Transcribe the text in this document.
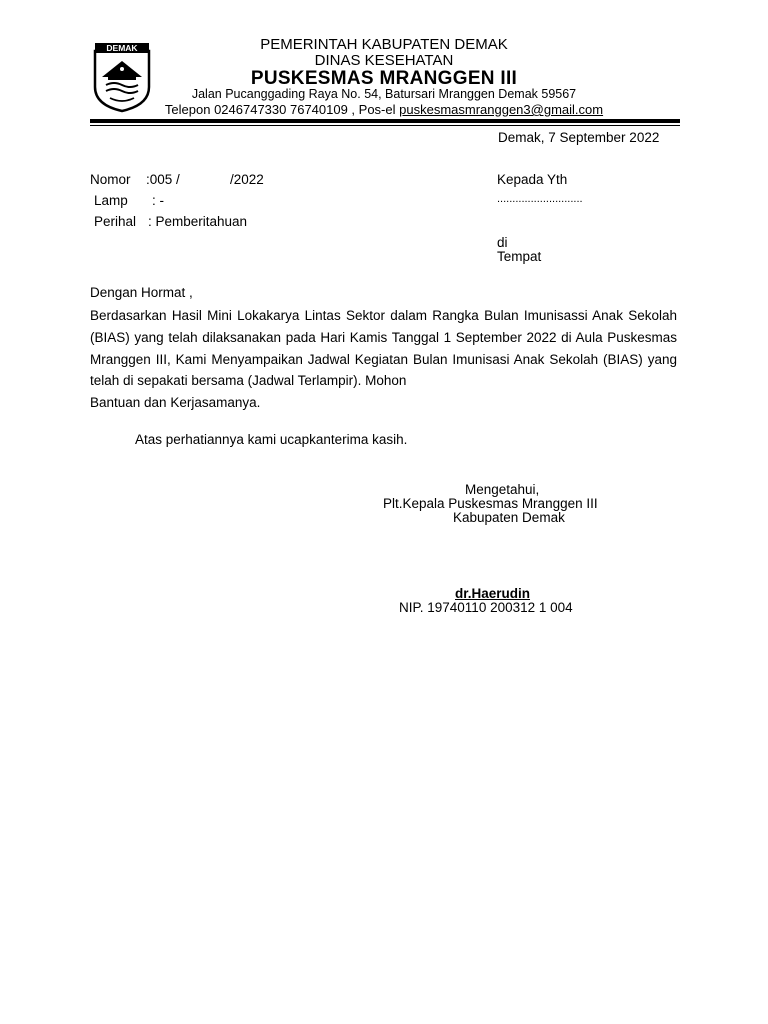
DEMAK	PEMERINTAH KABUPATEN DEMAK
DINAS KESEHATAN
PUSKESMAS MRANGGEN III
Jalan Pucanggading Raya No. 54, Batursari Mranggen Demak 59567
Telepon 0246747330 76740109 , Pos-el puskesmasmranggen3@gmail.com
Demak, 7 September 2022
Nomor :005 /	/2022
Lamp : -
Perihal : Pemberitahuan
Kepada Yth
............................
di
Tempat
Dengan Hormat ,
Berdasarkan Hasil Mini Lokakarya Lintas Sektor dalam Rangka Bulan Imunisassi Anak Sekolah (BIAS) yang telah dilaksanakan pada Hari Kamis Tanggal 1 September 2022 di Aula Puskesmas Mranggen III, Kami Menyampaikan Jadwal Kegiatan Bulan Imunisasi Anak Sekolah (BIAS) yang telah di sepakati bersama (Jadwal Terlampir). Mohon
Bantuan dan Kerjasamanya.
Atas perhatiannya kami ucapkanterima kasih.
Mengetahui,
Plt.Kepala Puskesmas Mranggen III
Kabupaten Demak
dr.Haerudin
NIP. 19740110 200312 1 004
